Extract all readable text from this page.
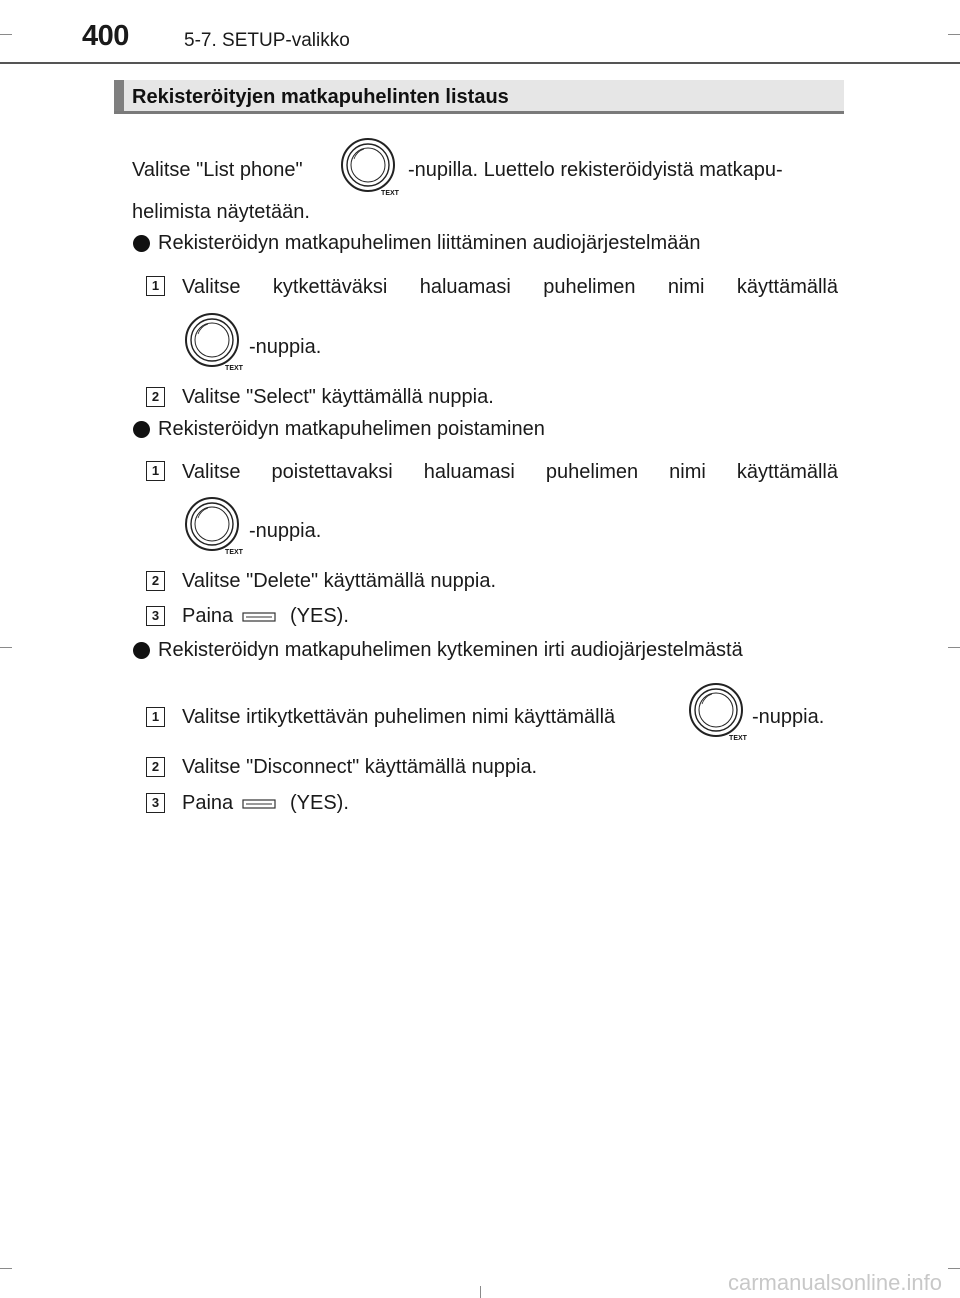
400	5-7. SETUP-valikko
Rekisteröityjen matkapuhelinten listaus
Valitse "List phone"
TEXT
-nupilla. Luettelo rekisteröidyistä matkapu-
helimista näytetään.
Rekisteröidyn matkapuhelimen liittäminen audiojärjestelmään
1 Valitse kytkettäväksi haluamasi puhelimen nimi käyttämällä
TEXT
-nuppia.
2 Valitse "Select" käyttämällä nuppia.
Rekisteröidyn matkapuhelimen poistaminen
1 Valitse poistettavaksi haluamasi puhelimen nimi käyttämällä
TEXT
-nuppia.
2 Valitse "Delete" käyttämällä nuppia.
3 Paina	(YES).
Rekisteröidyn matkapuhelimen kytkeminen irti audiojärjestelmästä
1 Valitse irtikytkettävän puhelimen nimi käyttämällä
TEXT
-nuppia.
2 Valitse "Disconnect" käyttämällä nuppia.
3 Paina	(YES).
carmanualsonline.info
